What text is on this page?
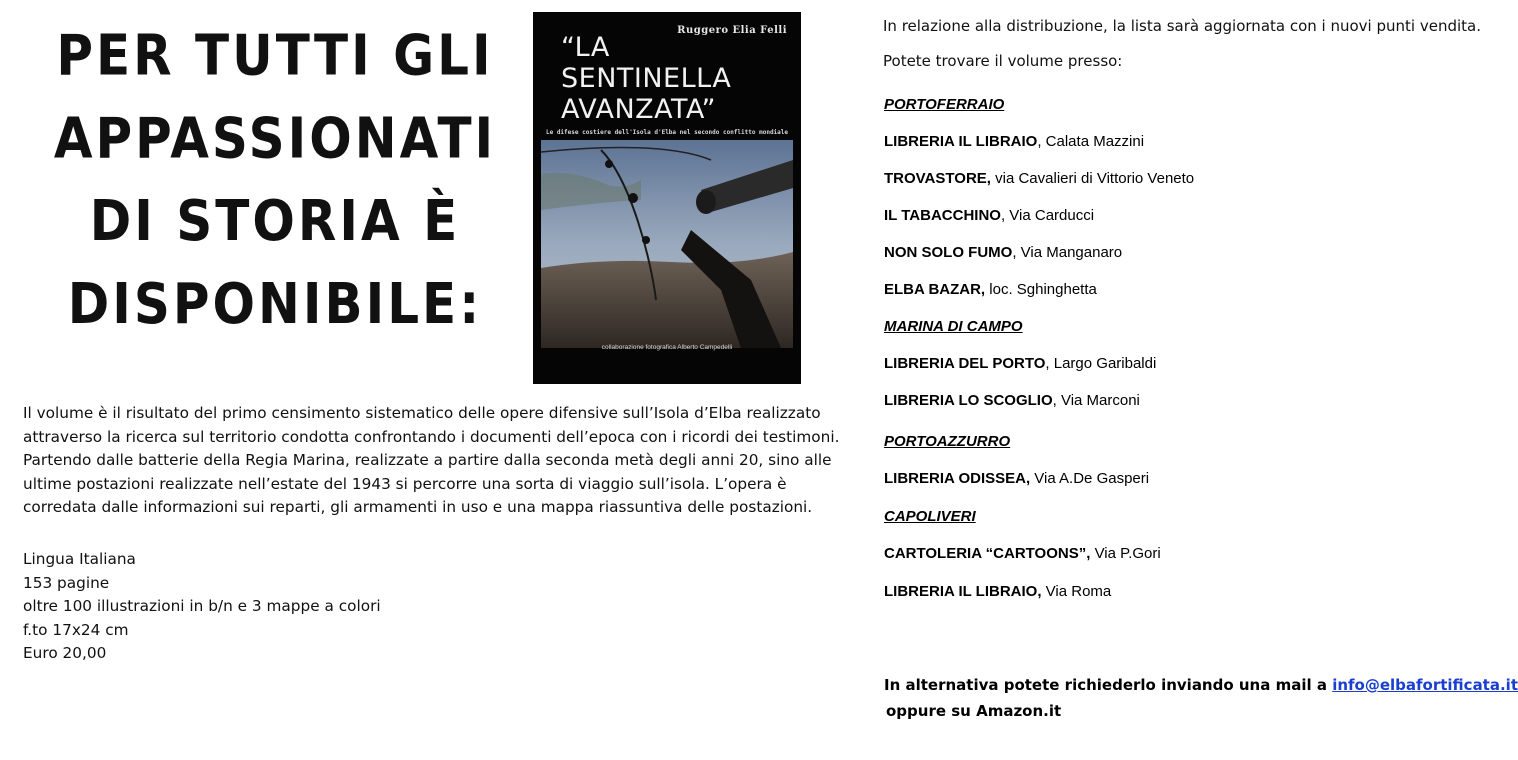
PER TUTTI GLI
APPASSIONATI
DI STORIA È
DISPONIBILE:
Ruggero Elia Felli
“LA
SENTINELLA
AVANZATA”
Le difese costiere dell'Isola d'Elba nel secondo conflitto mondiale
collaborazione fotografica Alberto Campedelli
Il volume è il risultato del primo censimento sistematico delle opere difensive sull’Isola d’Elba realizzato attraverso la ricerca sul territorio condotta confrontando i documenti dell’epoca con i ricordi dei testimoni. Partendo dalle batterie della Regia Marina, realizzate a partire dalla seconda metà degli anni 20, sino alle ultime postazioni realizzate nell’estate del 1943 si percorre una sorta di viaggio sull’isola. L’opera è corredata dalle informazioni sui reparti, gli armamenti in uso e una mappa riassuntiva delle postazioni.
Lingua Italiana
153 pagine
oltre 100 illustrazioni in b/n e 3 mappe a colori
f.to 17x24 cm
Euro 20,00
In relazione alla distribuzione, la lista sarà aggiornata con i nuovi punti vendita.
Potete trovare il volume presso:
PORTOFERRAIO
LIBRERIA IL LIBRAIO, Calata Mazzini
TROVASTORE, via Cavalieri di Vittorio Veneto
IL TABACCHINO, Via Carducci
NON SOLO FUMO, Via Manganaro
ELBA BAZAR, loc. Sghinghetta
MARINA DI CAMPO
LIBRERIA DEL PORTO, Largo Garibaldi
LIBRERIA LO SCOGLIO, Via Marconi
PORTOAZZURRO
LIBRERIA ODISSEA, Via A.De Gasperi
CAPOLIVERI
CARTOLERIA “CARTOONS”, Via P.Gori
LIBRERIA IL LIBRAIO, Via Roma
In alternativa potete richiederlo inviando una mail a info@elbafortificata.it
oppure su Amazon.it
